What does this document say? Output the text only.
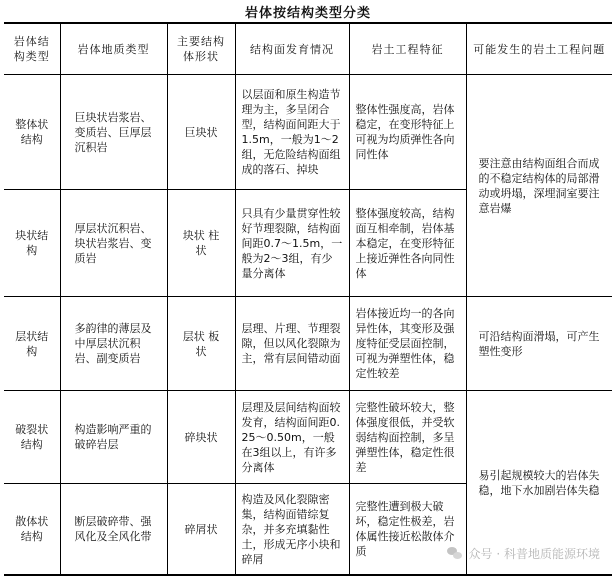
岩体按结构类型分类
岩体结构类型	岩体地质类型	主要结构体形状	结构面发育情况	岩土工程特征	可能发生的岩土工程问题
整体状结构	巨块状岩浆岩、变质岩、巨厚层沉积岩	巨块状	以层面和原生构造节理为主，多呈闭合型，结构面间距大于1.5m，一般为1～2组，无危险结构面组成的落石、掉块	整体性强度高，岩体稳定，在变形特征上可视为均质弹性各向同性体	要注意由结构面组合而成的不稳定结构体的局部滑动或坍塌，深埋洞室要注意岩爆
块状结构	厚层状沉积岩、块状岩浆岩、变质岩	块状 柱状	只具有少量贯穿性较好节理裂隙，结构面间距0.7～1.5m，一般为2～3组，有少量分离体	整体强度较高，结构面互相牵制，岩体基本稳定，在变形特征上接近弹性各向同性体	
层状结构	多韵律的薄层及中厚层状沉积岩、副变质岩	层状 板状	层理、片理、节理裂隙，但以风化裂隙为主，常有层间错动面	岩体接近均一的各向异性体，其变形及强度特征受层面控制，可视为弹塑性体，稳定性较差	可沿结构面滑塌，可产生塑性变形
破裂状结构	构造影响严重的破碎岩层	碎块状	层理及层间结构面较发育，结构面间距0.25～0.50m，一般在3组以上，有许多分离体	完整性破坏较大，整体强度很低，并受软弱结构面控制，多呈弹塑性体，稳定性很差	易引起规模较大的岩体失稳，地下水加剧岩体失稳
散体状结构	断层破碎带、强风化及全风化带	碎屑状	构造及风化裂隙密集，结构面错综复杂，并多充填黏性土，形成无序小块和碎屑	完整性遭到极大破坏，稳定性极差，岩体属性接近松散体介质		众号 · 科普地质能源环境
